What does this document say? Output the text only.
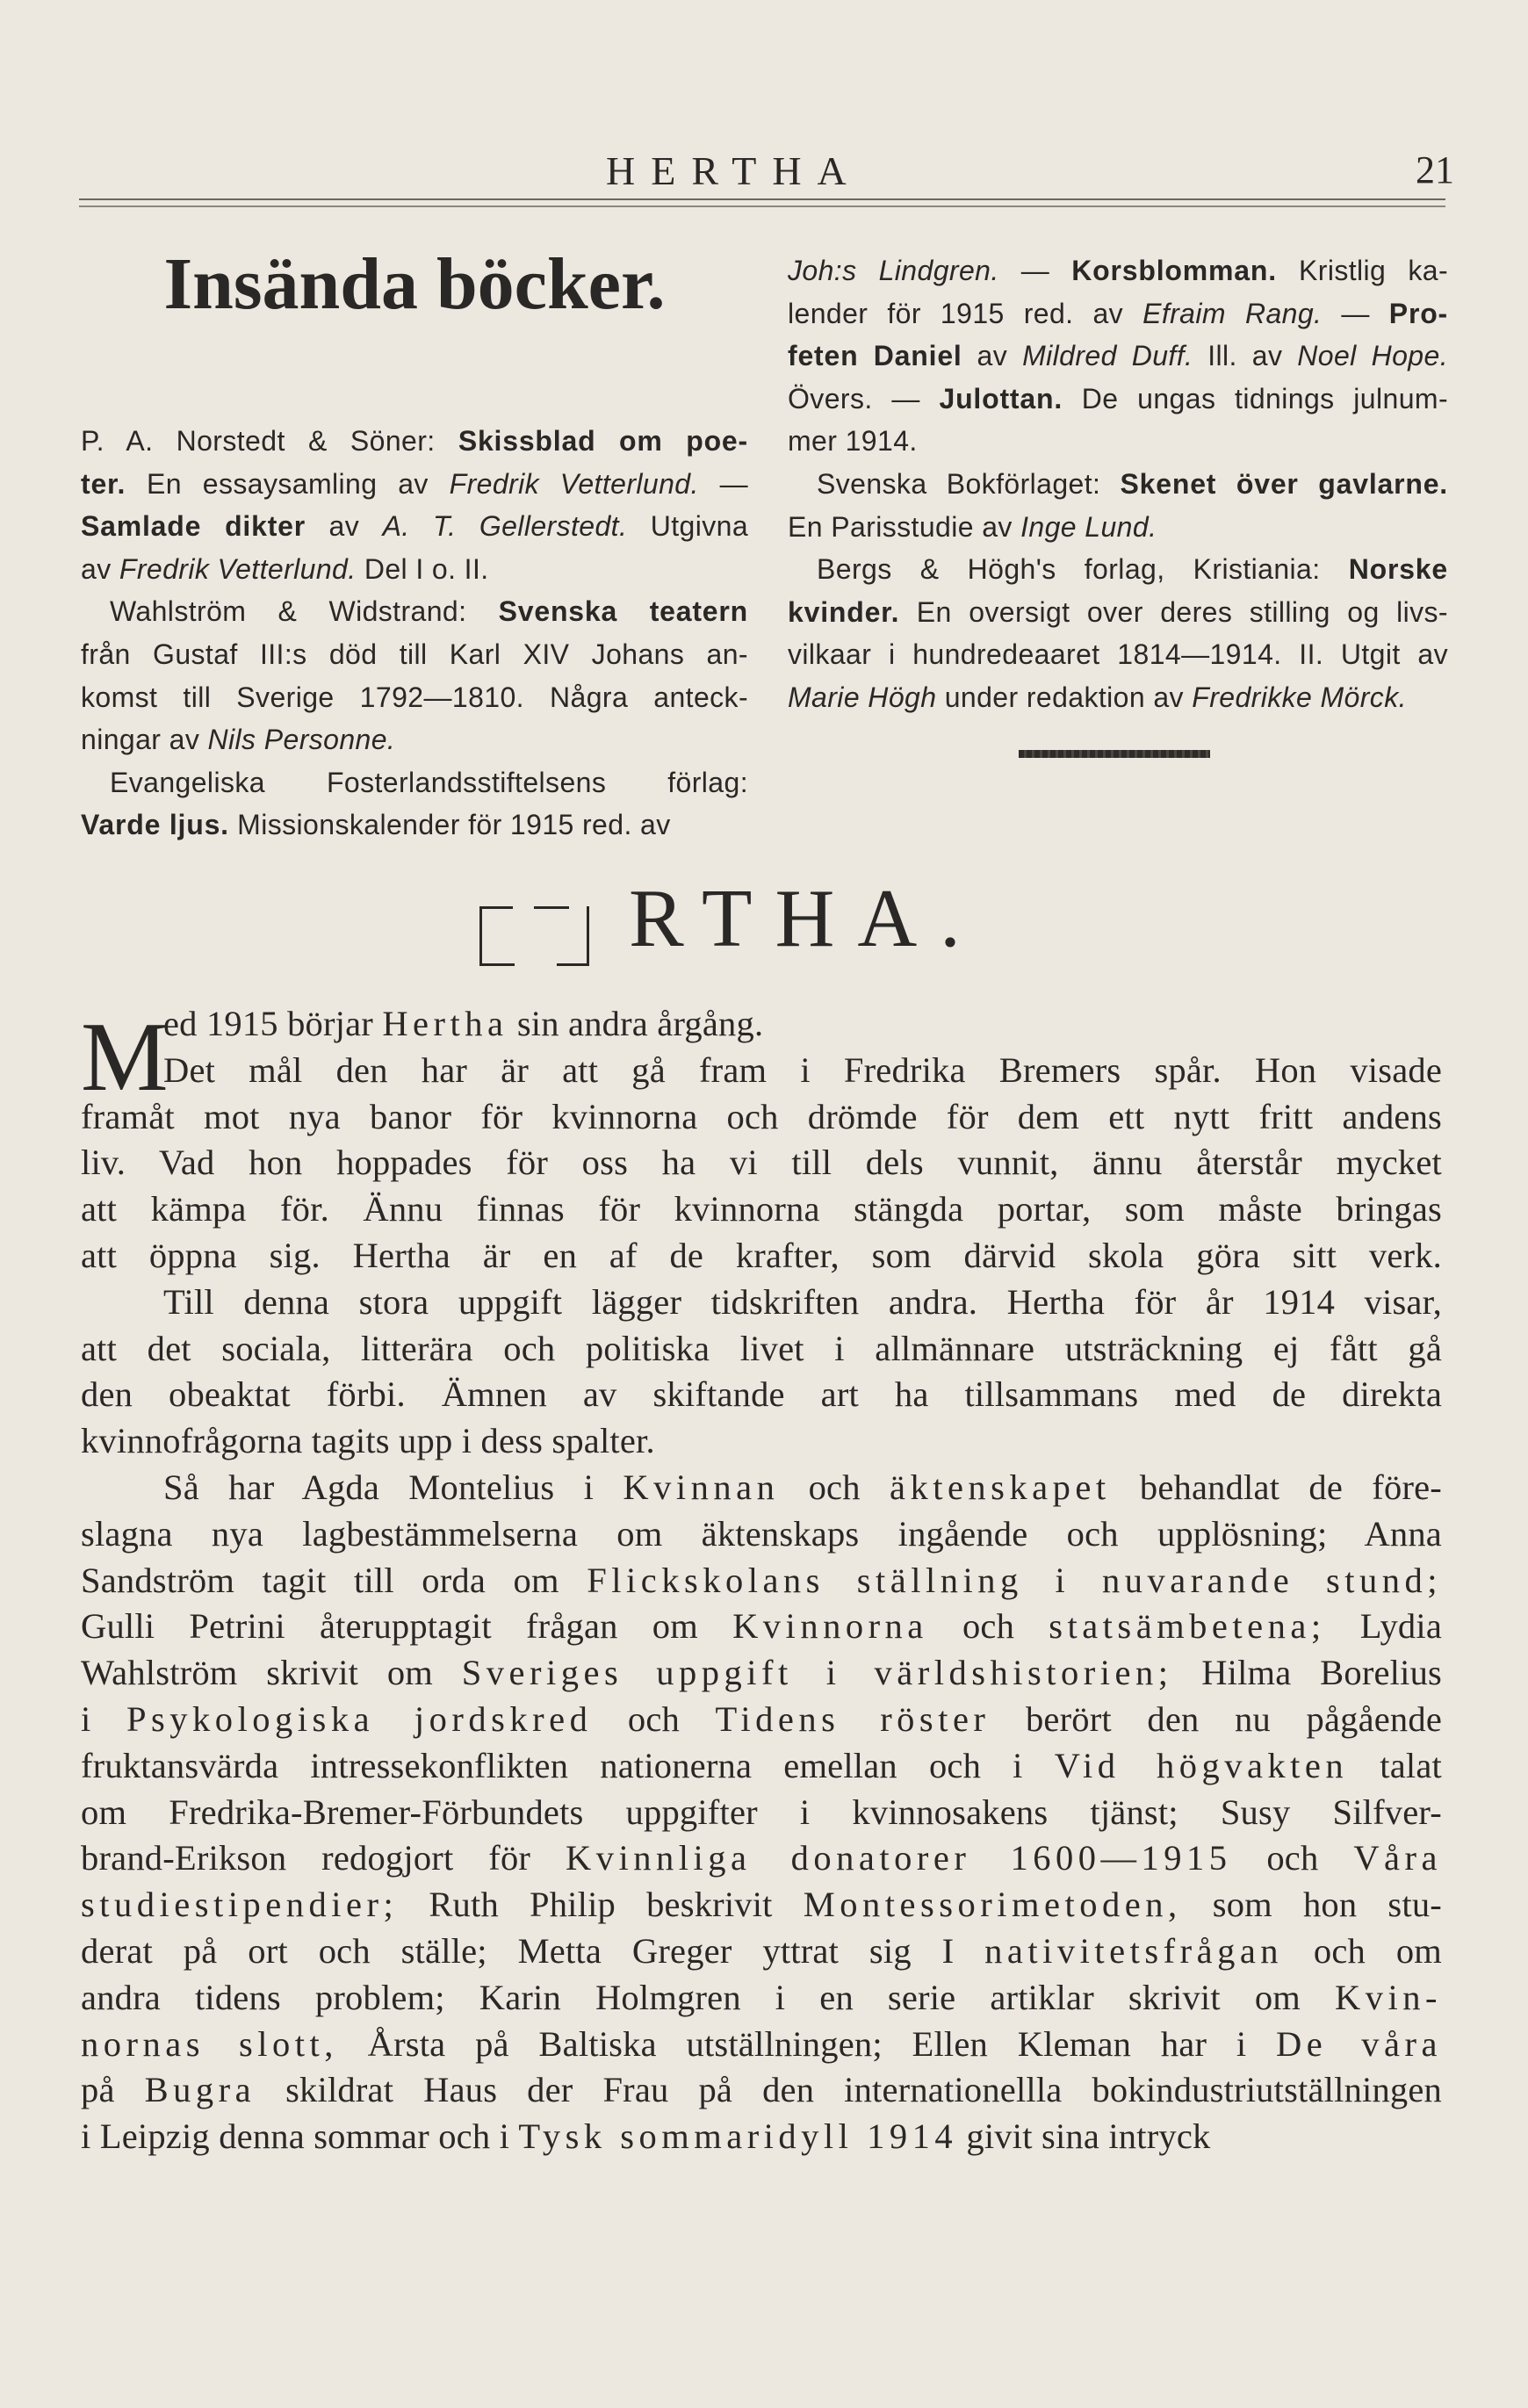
HERTHA	21
Insända böcker.

P. A. Norstedt & Söner: Skissblad om poe-

ter. En essaysamling av Fredrik Vetterlund. —

Samlade dikter av A. T. Gellerstedt. Utgivna

av Fredrik Vetterlund. Del I o. II.

Wahlström & Widstrand: Svenska teatern

från Gustaf III:s död till Karl XIV Johans an-

komst till Sverige 1792—1810. Några anteck-

ningar av Nils Personne.

Evangeliska Fosterlandsstiftelsens förlag:

Varde ljus. Missionskalender för 1915 red. av

Joh:s Lindgren. — Korsblomman. Kristlig ka-

lender för 1915 red. av Efraim Rang. — Pro-

feten Daniel av Mildred Duff. Ill. av Noel Hope.

Övers. — Julottan. De ungas tidnings julnum-

mer 1914.

Svenska Bokförlaget: Skenet över gavlarne.

En Parisstudie av Inge Lund.

Bergs & Högh's forlag, Kristiania: Norske

kvinder. En oversigt over deres stilling og livs-

vilkaar i hundredeaaret 1814—1914. II. Utgit av

Marie Högh under redaktion av Fredrikke Mörck.

RTHA.
M

ed 1915 börjar Hertha sin andra årgång.

Det mål den har är att gå fram i Fredrika Bremers spår. Hon visade

framåt mot nya banor för kvinnorna och drömde för dem ett nytt fritt andens

liv. Vad hon hoppades för oss ha vi till dels vunnit, ännu återstår mycket

att kämpa för. Ännu finnas för kvinnorna stängda portar, som måste bringas

att öppna sig. Hertha är en af de krafter, som därvid skola göra sitt verk.

Till denna stora uppgift lägger tidskriften andra. Hertha för år 1914 visar,

att det sociala, litterära och politiska livet i allmännare utsträckning ej fått gå

den obeaktat förbi. Ämnen av skiftande art ha tillsammans med de direkta

kvinnofrågorna tagits upp i dess spalter.

Så har Agda Montelius i Kvinnan och äktenskapet behandlat de före-

slagna nya lagbestämmelserna om äktenskaps ingående och upplösning; Anna

Sandström tagit till orda om Flickskolans ställning i nuvarande stund;

Gulli Petrini återupptagit frågan om Kvinnorna och statsämbetena; Lydia

Wahlström skrivit om Sveriges uppgift i världshistorien; Hilma Borelius

i Psykologiska jordskred och Tidens röster berört den nu pågående

fruktansvärda intressekonflikten nationerna emellan och i Vid högvakten talat

om Fredrika-Bremer-Förbundets uppgifter i kvinnosakens tjänst; Susy Silfver-

brand-Erikson redogjort för Kvinnliga donatorer 1600—1915 och Våra

studiestipendier; Ruth Philip beskrivit Montessorimetoden, som hon stu-

derat på ort och ställe; Metta Greger yttrat sig I nativitetsfrågan och om

andra tidens problem; Karin Holmgren i en serie artiklar skrivit om Kvin-

nornas slott, Årsta på Baltiska utställningen; Ellen Kleman har i De våra

på Bugra skildrat Haus der Frau på den internationellla bokindustriutställningen

i Leipzig denna sommar och i Tysk sommaridyll 1914 givit sina intryck
